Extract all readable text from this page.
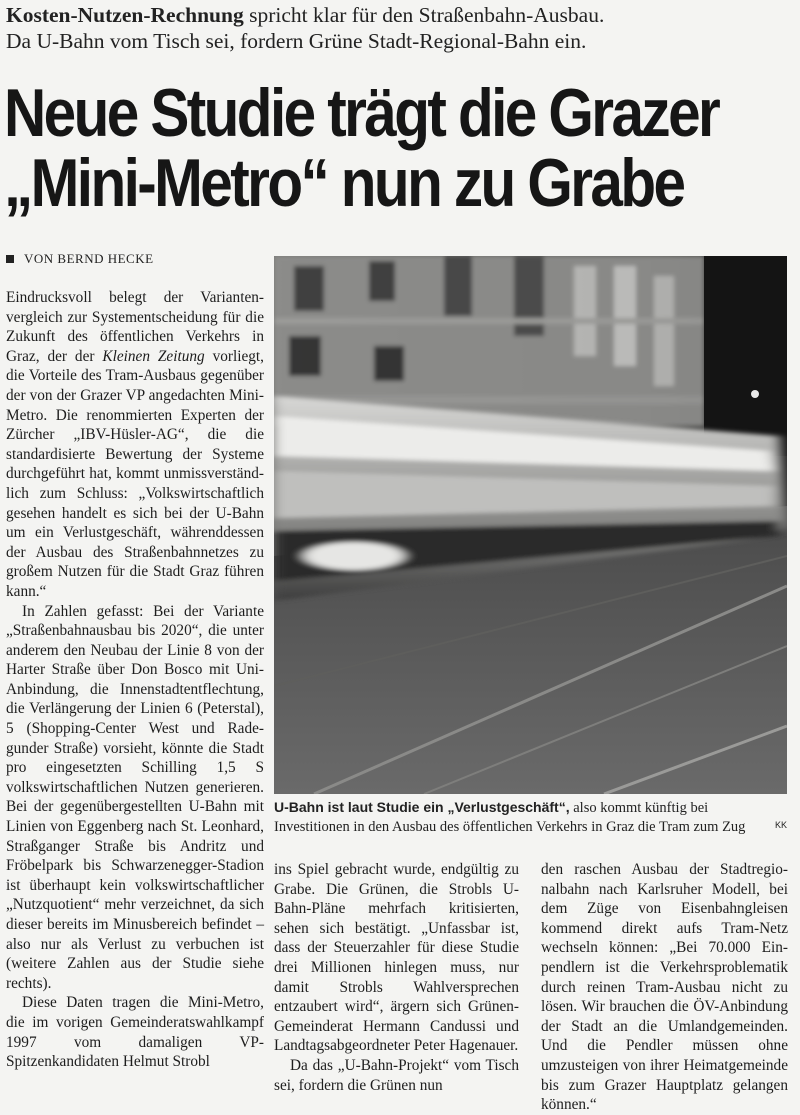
Kosten-Nutzen-Rechnung spricht klar für den Straßenbahn-Ausbau.
Da U-Bahn vom Tisch sei, fordern Grüne Stadt-Regional-Bahn ein.
Neue Studie trägt die Grazer
„Mini-Metro“ nun zu Grabe
VON BERND HECKE
U-Bahn ist laut Studie ein „Verlustgeschäft“, also kommt künftig bei Investitionen in den Ausbau des öffentlichen Verkehrs in Graz die Tram zum Zug	KK

Eindrucksvoll belegt der Variantenvergleich zur Systementscheidung für die Zukunft des öffentlichen Verkehrs in Graz, der der Kleinen Zeitung vorliegt, die Vorteile des Tram-Ausbaus gegenüber der von der Grazer VP angedachten Mini-Metro. Die renommierten Experten der Zürcher „IBV-Hüsler-AG“, die die standardisierte Bewertung der Systeme durchgeführt hat, kommt unmissverständlich zum Schluss: „Volkswirtschaftlich gesehen handelt es sich bei der U-Bahn um ein Verlustgeschäft, währenddessen der Ausbau des Straßenbahnnetzes zu großem Nutzen für die Stadt Graz führen kann.“

In Zahlen gefasst: Bei der Variante „Straßenbahnausbau bis 2020“, die unter anderem den Neubau der Linie 8 von der Harter Straße über Don Bosco mit Uni-Anbindung, die Innenstadtentflechtung, die Verlängerung der Linien 6 (Peterstal), 5 (Shopping-Center West und Radegunder Straße) vorsieht, könnte die Stadt pro eingesetzten Schilling 1,5 S volkswirtschaftlichen Nutzen generieren. Bei der gegenübergestellten U-Bahn mit Linien von Eggenberg nach St. Leonhard, Straßganger Straße bis Andritz und Fröbelpark bis Schwarzenegger-Stadion ist überhaupt kein volkswirtschaftlicher „Nutzquotient“ mehr verzeichnet, da sich dieser bereits im Minusbereich befindet – also nur als Verlust zu verbuchen ist (weitere Zahlen aus der Studie siehe rechts).

Diese Daten tragen die Mini-Metro, die im vorigen Gemeinderatswahlkampf 1997 vom damaligen VP-Spitzenkandidaten Helmut Strobl

ins Spiel gebracht wurde, endgültig zu Grabe. Die Grünen, die Strobls U-Bahn-Pläne mehrfach kritisierten, sehen sich bestätigt. „Unfassbar ist, dass der Steuerzahler für diese Studie drei Millionen hinlegen muss, nur damit Strobls Wahlversprechen entzaubert wird“, ärgern sich Grünen-Gemeinderat Hermann Candussi und Landtagsabgeordneter Peter Hagenauer.

Da das „U-Bahn-Projekt“ vom Tisch sei, fordern die Grünen nun

den raschen Ausbau der Stadtregionalbahn nach Karlsruher Modell, bei dem Züge von Eisenbahngleisen kommend direkt aufs Tram-Netz wechseln können: „Bei 70.000 Einpendlern ist die Verkehrsproblematik durch reinen Tram-Ausbau nicht zu lösen. Wir brauchen die ÖV-Anbindung der Stadt an die Umlandgemeinden. Und die Pendler müssen ohne umzusteigen von ihrer Heimatgemeinde bis zum Grazer Hauptplatz gelangen können.“
